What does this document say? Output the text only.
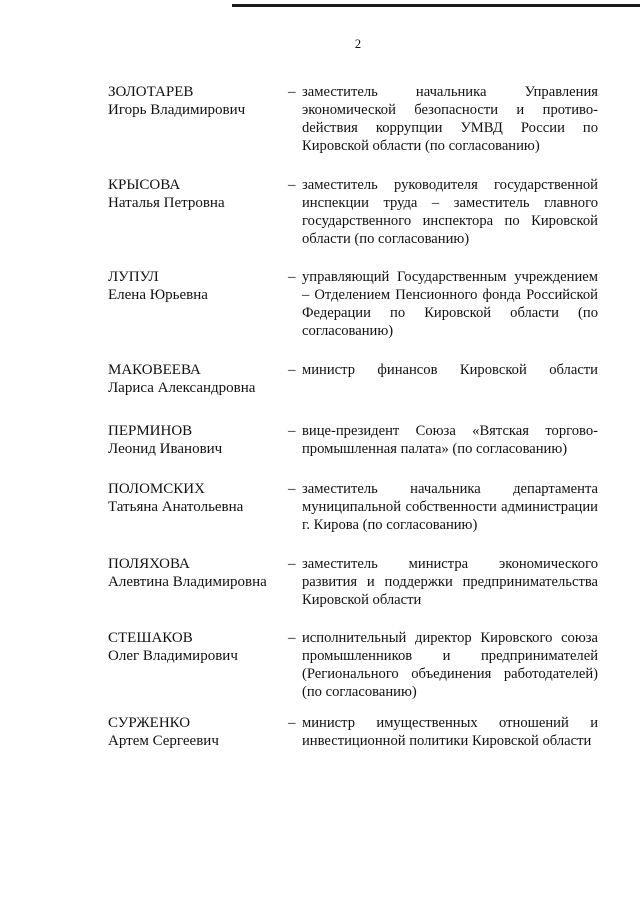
2
ЗОЛОТАРЕВ
Игорь Владимирович
– заместитель начальника Управления экономической безопасности и противоdействия коррупции УМВД России по Кировской области (по согласованию)
КРЫСОВА
Наталья Петровна
– заместитель руководителя государственной инспекции труда – заместитель главного государственного инспектора по Кировской области (по согласованию)
ЛУПУЛ
Елена Юрьевна
– управляющий Государственным учреждением – Отделением Пенсионного фонда Российской Федерации по Кировской области (по согласованию)
МАКОВЕЕВА
Лариса Александровна
– министр финансов Кировской области
ПЕРМИНОВ
Леонид Иванович
– вице-президент Союза «Вятская торгово-промышленная палата» (по согласованию)
ПОЛОМСКИХ
Татьяна Анатольевна
– заместитель начальника департамента муниципальной собственности администрации г. Кирова (по согласованию)
ПОЛЯХОВА
Алевтина Владимировна
– заместитель министра экономического развития и поддержки предпринимательства Кировской области
СТЕШАКОВ
Олег Владимирович
– исполнительный директор Кировского союза промышленников и предпринимателей (Регионального объединения работодателей) (по согласованию)
СУРЖЕНКО
Артем Сергеевич
– министр имущественных отношений и инвестиционной политики Кировской области
